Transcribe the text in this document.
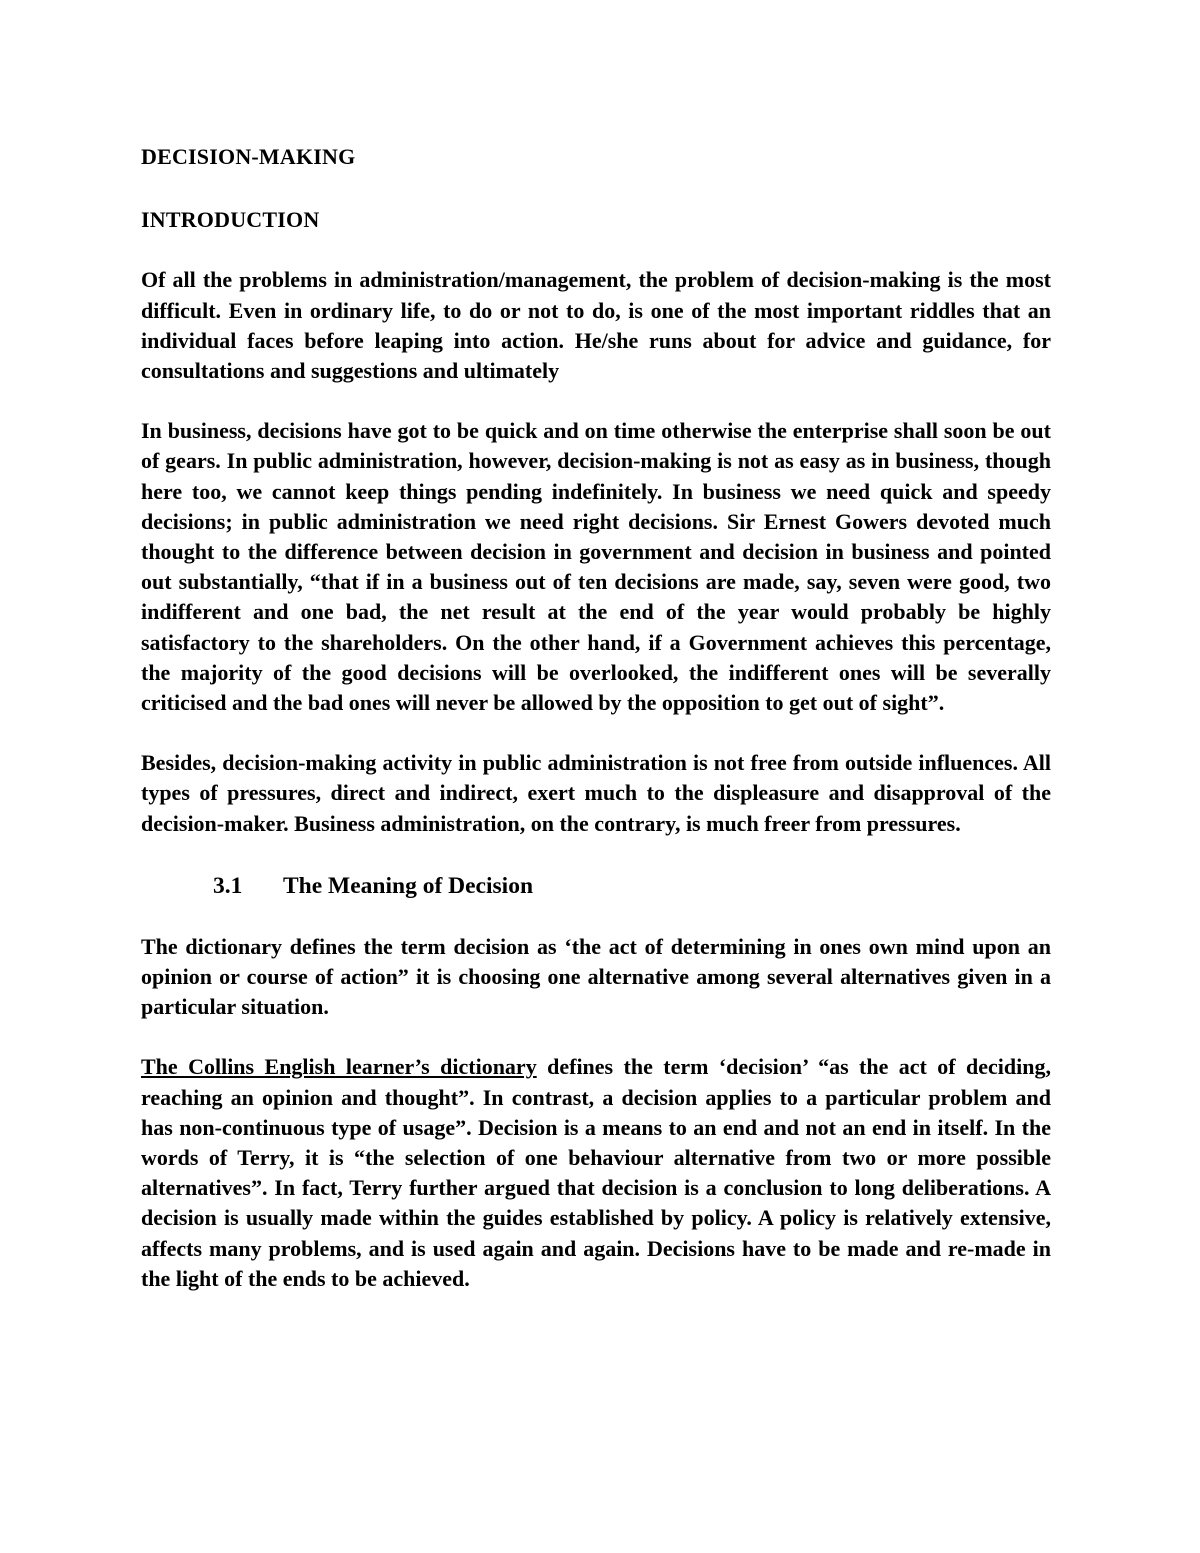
DECISION-MAKING

INTRODUCTION

Of all the problems in administration/management, the problem of decision-making is the most difficult. Even in ordinary life, to do or not to do, is one of the most important riddles that an individual faces before leaping into action. He/she runs about for advice and guidance, for consultations and suggestions and ultimately

In business, decisions have got to be quick and on time otherwise the enterprise shall soon be out of gears. In public administration, however, decision-making is not as easy as in business, though here too, we cannot keep things pending indefinitely. In business we need quick and speedy decisions; in public administration we need right decisions. Sir Ernest Gowers devoted much thought to the difference between decision in government and decision in business and pointed out substantially, “that if in a business out of ten decisions are made, say, seven were good, two indifferent and one bad, the net result at the end of the year would probably be highly satisfactory to the shareholders. On the other hand, if a Government achieves this percentage, the majority of the good decisions will be overlooked, the indifferent ones will be severally criticised and the bad ones will never be allowed by the opposition to get out of sight”.

Besides, decision-making activity in public administration is not free from outside influences. All types of pressures, direct and indirect, exert much to the displeasure and disapproval of the decision-maker. Business administration, on the contrary, is much freer from pressures.

3.1 The Meaning of Decision

The dictionary defines the term decision as ‘the act of determining in ones own mind upon an opinion or course of action” it is choosing one alternative among several alternatives given in a particular situation.

The Collins English learner’s dictionary defines the term ‘decision’ “as the act of deciding, reaching an opinion and thought”. In contrast, a decision applies to a particular problem and has non-continuous type of usage”. Decision is a means to an end and not an end in itself. In the words of Terry, it is “the selection of one behaviour alternative from two or more possible alternatives”. In fact, Terry further argued that decision is a conclusion to long deliberations. A decision is usually made within the guides established by policy. A policy is relatively extensive, affects many problems, and is used again and again. Decisions have to be made and re-made in the light of the ends to be achieved.
